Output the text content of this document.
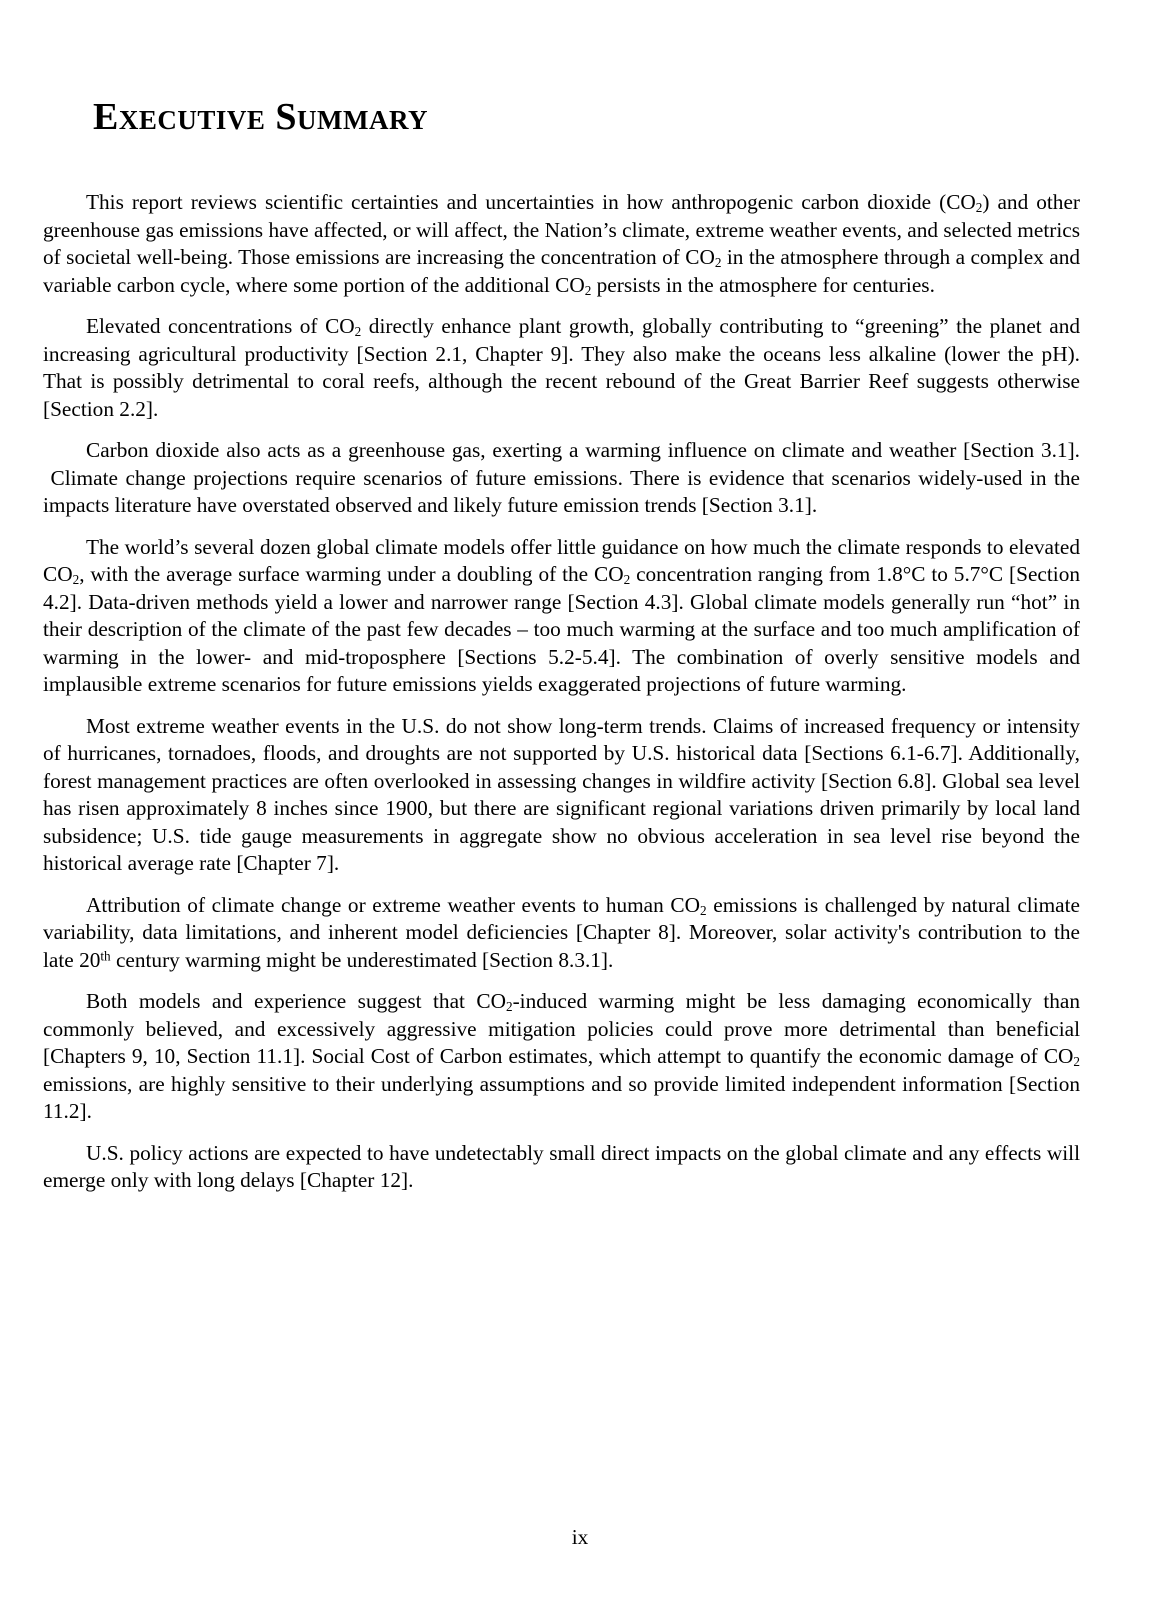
Executive Summary

This report reviews scientific certainties and uncertainties in how anthropogenic carbon dioxide $(CO_2)$ and other greenhouse gas emissions have affected, or will affect, the Nation’s climate, extreme weather events, and selected metrics of societal well-being. Those emissions are increasing the concentration of $CO_2$ in the atmosphere through a complex and variable carbon cycle, where some portion of the additional $CO_2$ persists in the atmosphere for centuries.

Elevated concentrations of $CO_2$ directly enhance plant growth, globally contributing to “greening” the planet and increasing agricultural productivity [Section 2.1, Chapter 9]. They also make the oceans less alkaline (lower the pH). That is possibly detrimental to coral reefs, although the recent rebound of the Great Barrier Reef suggests otherwise [Section 2.2].

Carbon dioxide also acts as a greenhouse gas, exerting a warming influence on climate and weather [Section 3.1].  Climate change projections require scenarios of future emissions. There is evidence that scenarios widely-used in the impacts literature have overstated observed and likely future emission trends [Section 3.1].

The world’s several dozen global climate models offer little guidance on how much the climate responds to elevated $CO_2$, with the average surface warming under a doubling of the $CO_2$ concentration ranging from 1.8°C to 5.7°C [Section 4.2]. Data-driven methods yield a lower and narrower range [Section 4.3]. Global climate models generally run “hot” in their description of the climate of the past few decades – too much warming at the surface and too much amplification of warming in the lower- and mid-troposphere [Sections 5.2-5.4]. The combination of overly sensitive models and implausible extreme scenarios for future emissions yields exaggerated projections of future warming.

Most extreme weather events in the U.S. do not show long-term trends. Claims of increased frequency or intensity of hurricanes, tornadoes, floods, and droughts are not supported by U.S. historical data [Sections 6.1-6.7]. Additionally, forest management practices are often overlooked in assessing changes in wildfire activity [Section 6.8]. Global sea level has risen approximately 8 inches since 1900, but there are significant regional variations driven primarily by local land subsidence; U.S. tide gauge measurements in aggregate show no obvious acceleration in sea level rise beyond the historical average rate [Chapter 7].

Attribution of climate change or extreme weather events to human $CO_2$ emissions is challenged by natural climate variability, data limitations, and inherent model deficiencies [Chapter 8]. Moreover, solar activity's contribution to the late 20th century warming might be underestimated [Section 8.3.1].

Both models and experience suggest that $CO_2$-induced warming might be less damaging economically than commonly believed, and excessively aggressive mitigation policies could prove more detrimental than beneficial [Chapters 9, 10, Section 11.1]. Social Cost of Carbon estimates, which attempt to quantify the economic damage of $CO_2$ emissions, are highly sensitive to their underlying assumptions and so provide limited independent information [Section 11.2].

U.S. policy actions are expected to have undetectably small direct impacts on the global climate and any effects will emerge only with long delays [Chapter 12].

ix
